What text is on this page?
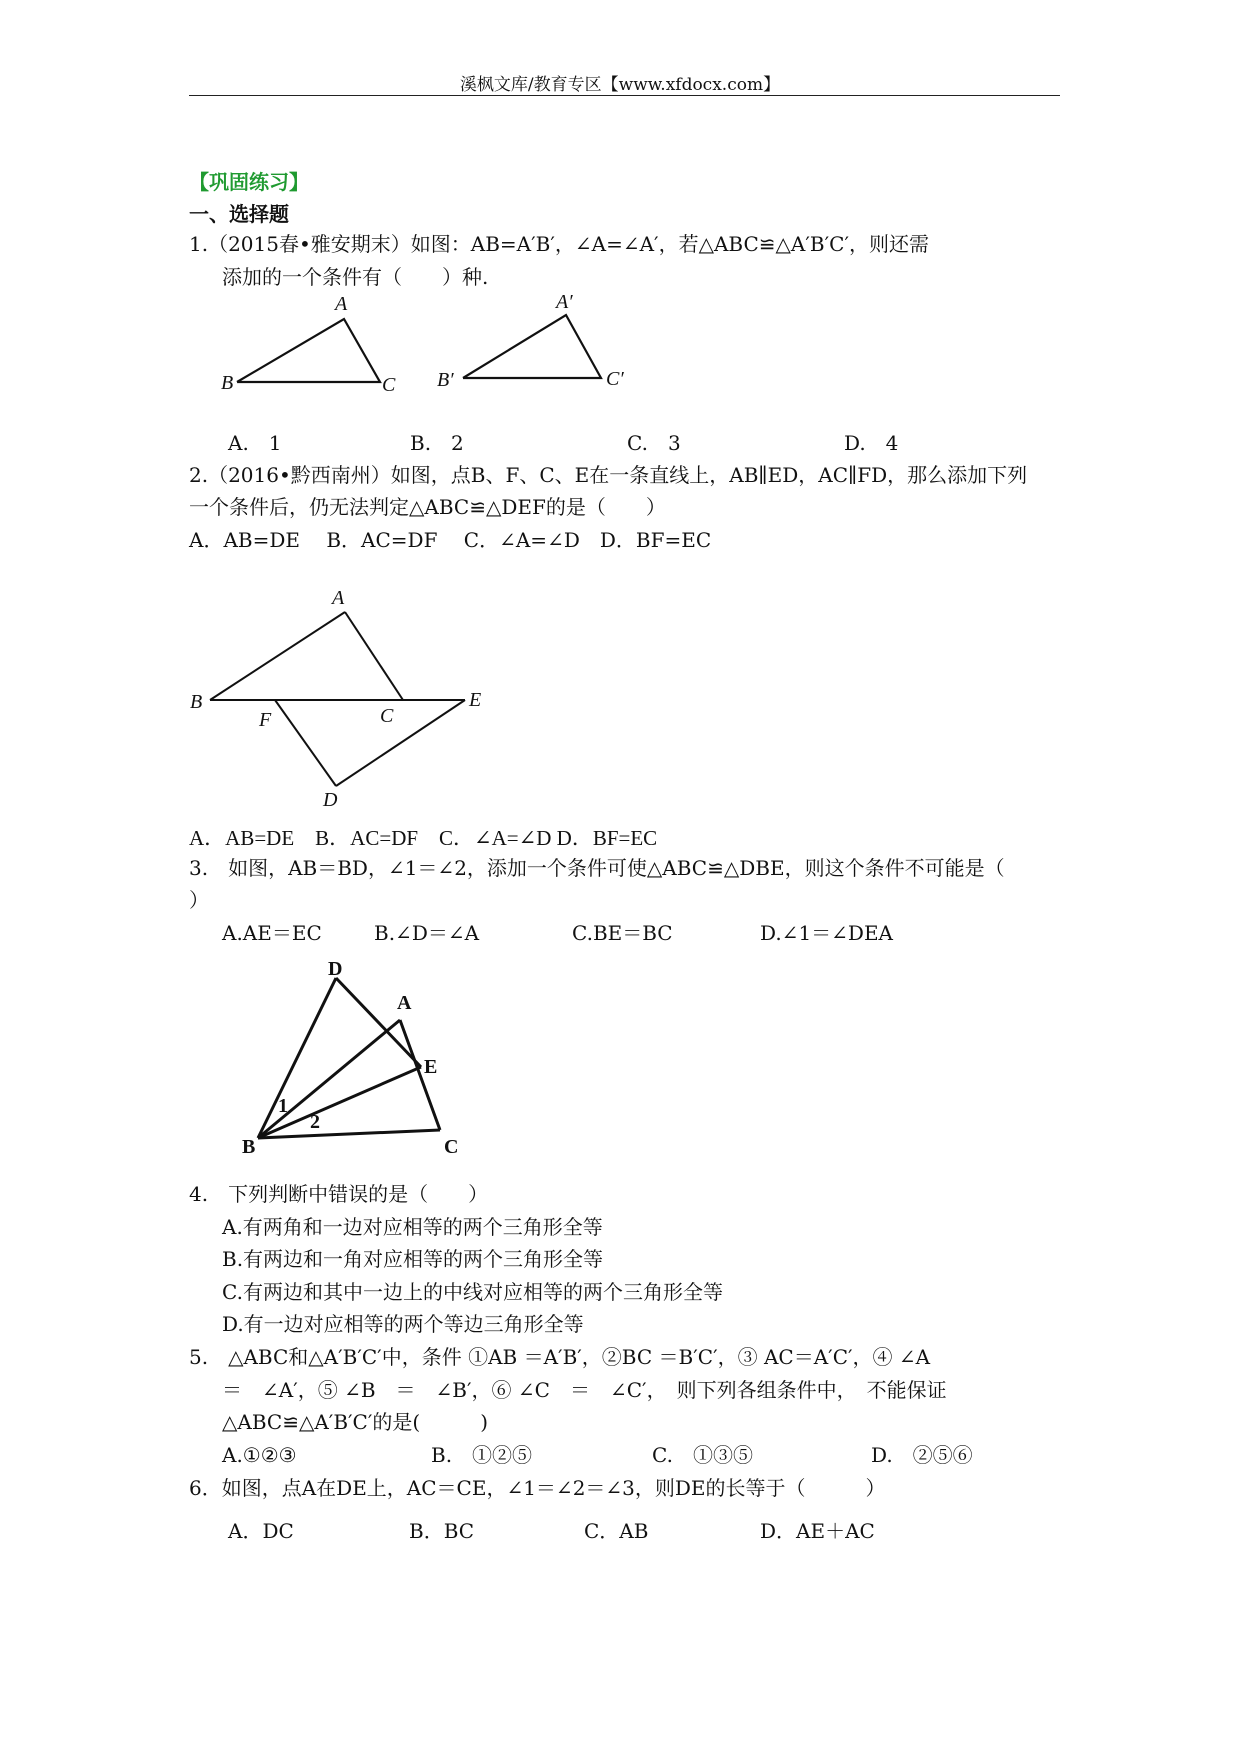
溪枫文库/教育专区【www.xfdocx.com】
【巩固练习】
一、选择题
1.（2015春•雅安期末）如图：AB=A′B′，∠A=∠A′，若△ABC≌△A′B′C′，则还需
添加的一个条件有（　　）种.
A
B	C
A′
B′	C′
A.　1	B.　2	C.　3	D.　4
2.（2016•黔西南州）如图，点B、F、C、E在一条直线上，AB∥ED，AC∥FD，那么添加下列
一个条件后，仍无法判定△ABC≌△DEF的是（　　）
A．AB=DE　 B．AC=DF　 C．∠A=∠D　D．BF=EC
A
B
F	C
E
D
A．AB=DE　B．AC=DF　C．∠A=∠D D．BF=EC
3.　如图，AB＝BD，∠1＝∠2，添加一个条件可使△ABC≌△DBE，则这个条件不可能是（
）
A.AE＝EC	B.∠D＝∠A	C.BE＝BC	D.∠1＝∠DEA
D
A
E
B	C
1
2
4.　下列判断中错误的是（　　）
A.有两角和一边对应相等的两个三角形全等
B.有两边和一角对应相等的两个三角形全等
C.有两边和其中一边上的中线对应相等的两个三角形全等
D.有一边对应相等的两个等边三角形全等
5.　△ABC和△A′B′C′中，条件 ①AB ＝A′B′，②BC ＝B′C′，③ AC＝A′C′，④ ∠A
＝　∠A′，⑤ ∠B　＝　∠B′，⑥ ∠C　＝　∠C′，　则下列各组条件中，　不能保证
△ABC≌△A′B′C′的是(　　　)
A.①②③	B.　①②⑤	C.　①③⑤	D.　②⑤⑥
6．如图，点A在DE上，AC＝CE，∠1＝∠2＝∠3，则DE的长等于（　　　）
A．DC	B．BC	C．AB	D．AE＋AC
